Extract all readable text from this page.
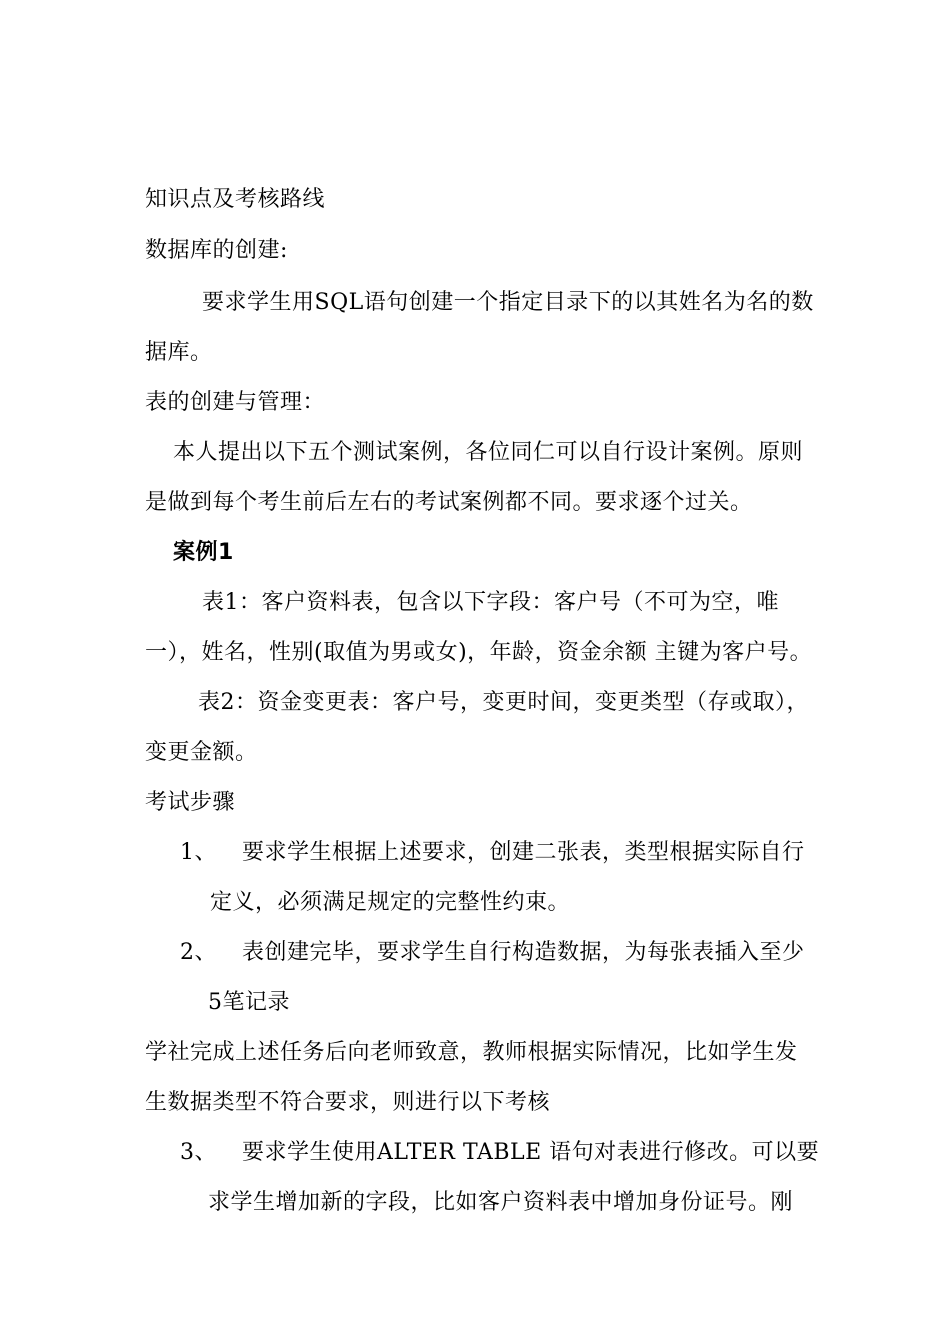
知识点及考核路线
数据库的创建:
要求学生用SQL语句创建一个指定目录下的以其姓名为名的数
据库。
表的创建与管理：
本人提出以下五个测试案例，各位同仁可以自行设计案例。原则
是做到每个考生前后左右的考试案例都不同。要求逐个过关。
案例1
表1：客户资料表，包含以下字段：客户号（不可为空，唯
一），姓名，性别(取值为男或女)，年龄，资金余额 主键为客户号。
表2：资金变更表：客户号，变更时间，变更类型（存或取），
变更金额。
考试步骤
1、 要求学生根据上述要求，创建二张表，类型根据实际自行
定义，必须满足规定的完整性约束。
2、 表创建完毕，要求学生自行构造数据，为每张表插入至少
5笔记录
学社完成上述任务后向老师致意，教师根据实际情况，比如学生发
生数据类型不符合要求，则进行以下考核
3、 要求学生使用ALTER TABLE 语句对表进行修改。可以要
求学生增加新的字段，比如客户资料表中增加身份证号。刚
